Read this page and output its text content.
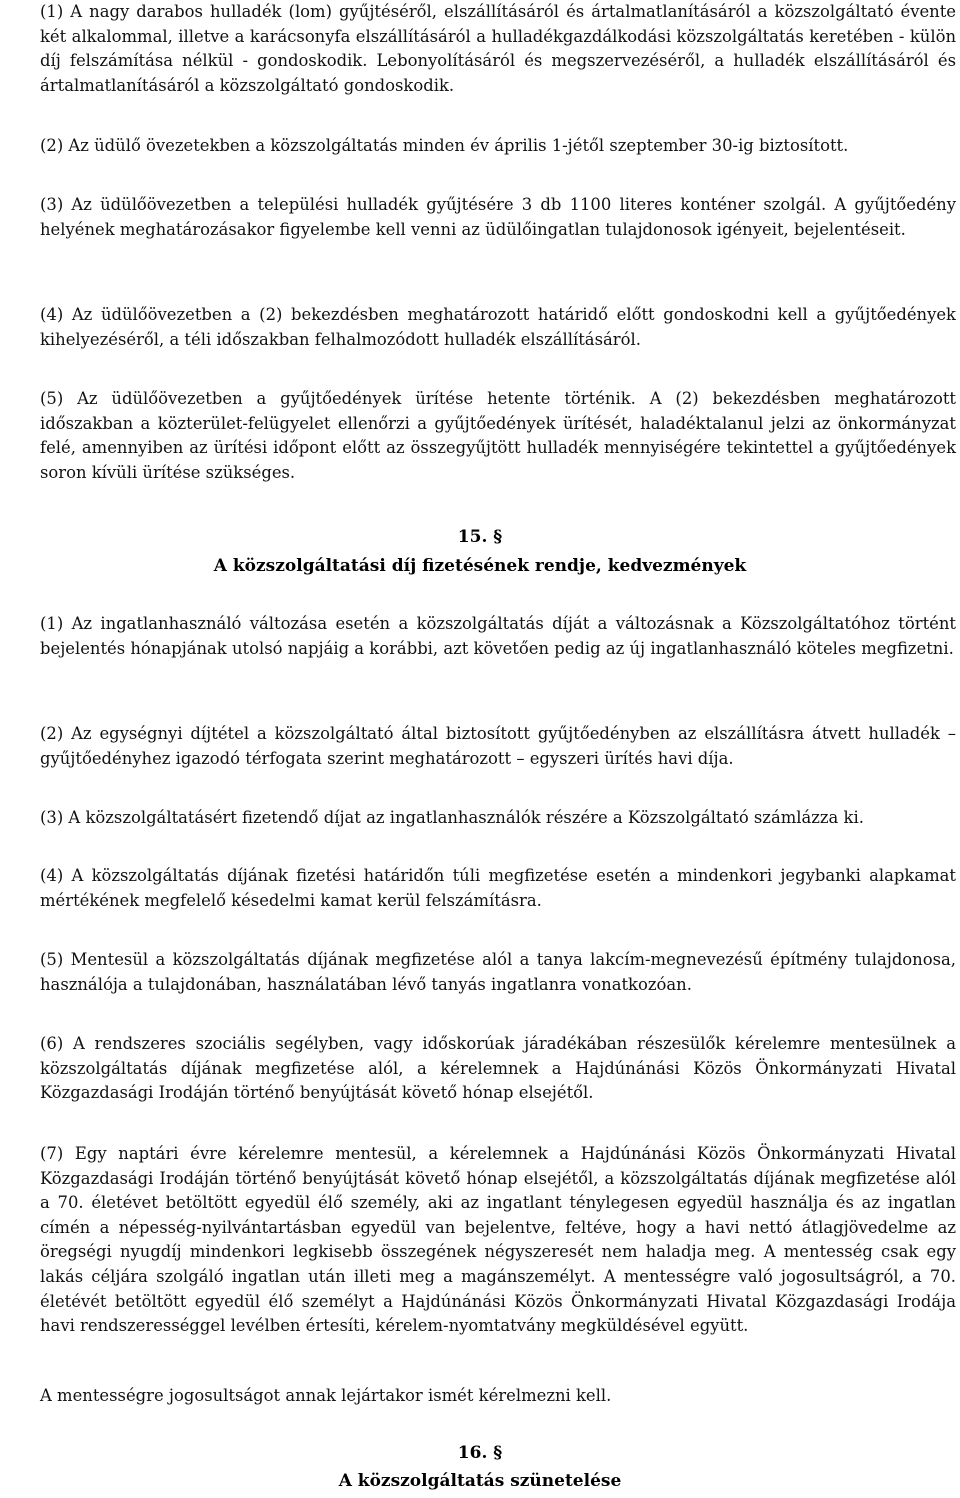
(1) A nagy darabos hulladék (lom) gyűjtéséről, elszállításáról és ártalmatlanításáról a közszolgáltató évente két alkalommal, illetve a karácsonyfa elszállításáról a hulladékgazdálkodási közszolgáltatás keretében - külön díj felszámítása nélkül - gondoskodik. Lebonyolításáról és megszervezéséről, a hulladék elszállításáról és ártalmatlanításáról a közszolgáltató gondoskodik.

(2) Az üdülő övezetekben a közszolgáltatás minden év április 1-jétől szeptember 30-ig biztosított.

(3) Az üdülőövezetben a települési hulladék gyűjtésére 3 db 1100 literes konténer szolgál. A gyűjtőedény helyének meghatározásakor figyelembe kell venni az üdülőingatlan tulajdonosok igényeit, bejelentéseit.

(4) Az üdülőövezetben a (2) bekezdésben meghatározott határidő előtt gondoskodni kell a gyűjtőedények kihelyezéséről, a téli időszakban felhalmozódott hulladék elszállításáról.

(5) Az üdülőövezetben a gyűjtőedények ürítése hetente történik. A (2) bekezdésben meghatározott időszakban a közterület-felügyelet ellenőrzi a gyűjtőedények ürítését, haladéktalanul jelzi az önkormányzat felé, amennyiben az ürítési időpont előtt az összegyűjtött hulladék mennyiségére tekintettel a gyűjtőedények soron kívüli ürítése szükséges.

15. §
A közszolgáltatási díj fizetésének rendje, kedvezmények

(1) Az ingatlanhasználó változása esetén a közszolgáltatás díját a változásnak a Közszolgáltatóhoz történt bejelentés hónapjának utolsó napjáig a korábbi, azt követően pedig az új ingatlanhasználó köteles megfizetni.

(2) Az egységnyi díjtétel a közszolgáltató által biztosított gyűjtőedényben az elszállításra átvett hulladék – gyűjtőedényhez igazodó térfogata szerint meghatározott – egyszeri ürítés havi díja.

(3) A közszolgáltatásért fizetendő díjat az ingatlanhasználók részére a Közszolgáltató számlázza ki.

(4) A közszolgáltatás díjának fizetési határidőn túli megfizetése esetén a mindenkori jegybanki alapkamat mértékének megfelelő késedelmi kamat kerül felszámításra.

(5) Mentesül a közszolgáltatás díjának megfizetése alól a tanya lakcím-megnevezésű építmény tulajdonosa, használója a tulajdonában, használatában lévő tanyás ingatlanra vonatkozóan.

(6) A rendszeres szociális segélyben, vagy időskorúak járadékában részesülők kérelemre mentesülnek a közszolgáltatás díjának megfizetése alól, a kérelemnek a Hajdúnánási Közös Önkormányzati Hivatal Közgazdasági Irodáján történő benyújtását követő hónap elsejétől.

(7) Egy naptári évre kérelemre mentesül, a kérelemnek a Hajdúnánási Közös Önkormányzati Hivatal Közgazdasági Irodáján történő benyújtását követő hónap elsejétől, a közszolgáltatás díjának megfizetése alól a 70. életévet betöltött egyedül élő személy, aki az ingatlant ténylegesen egyedül használja és az ingatlan címén a népesség-nyilvántartásban egyedül van bejelentve, feltéve, hogy a havi nettó átlagjövedelme az öregségi nyugdíj mindenkori legkisebb összegének négyszeresét nem haladja meg. A mentesség csak egy lakás céljára szolgáló ingatlan után illeti meg a magánszemélyt. A mentességre való jogosultságról, a 70. életévét betöltött egyedül élő személyt a Hajdúnánási Közös Önkormányzati Hivatal Közgazdasági Irodája havi rendszerességgel levélben értesíti, kérelem-nyomtatvány megküldésével együtt.

A mentességre jogosultságot annak lejártakor ismét kérelmezni kell.

16. §
A közszolgáltatás szünetelése
